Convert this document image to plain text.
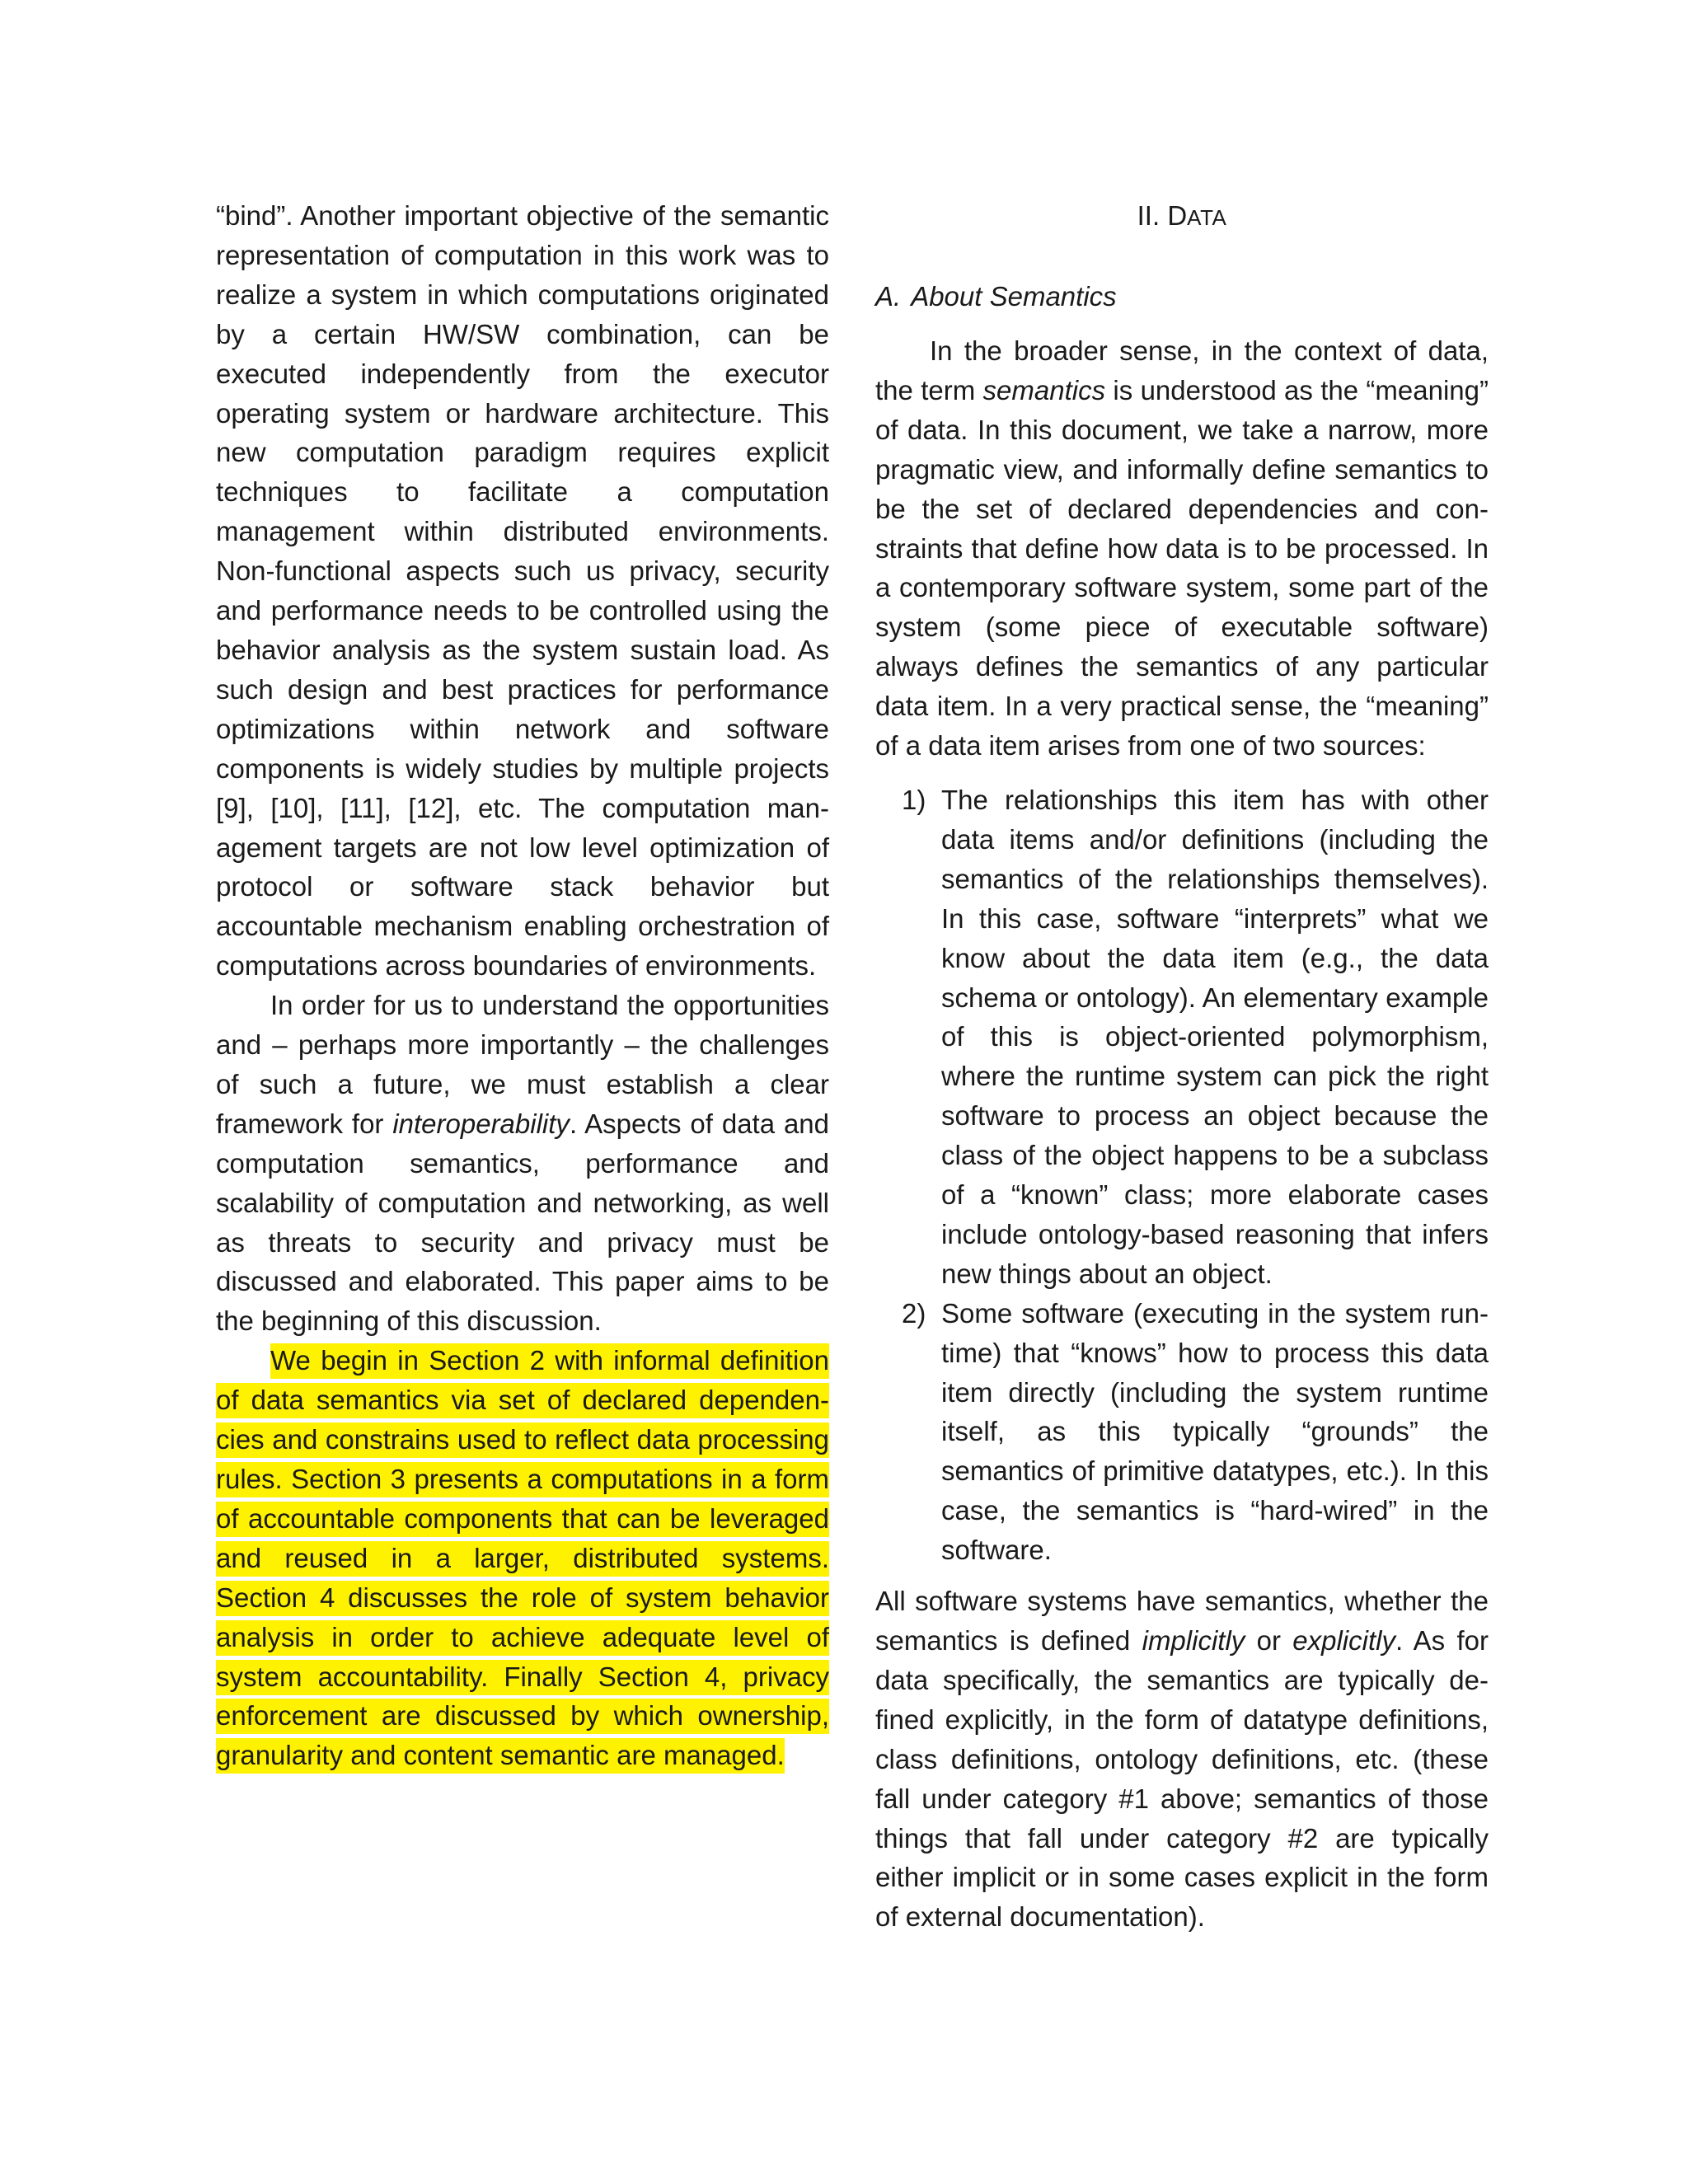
“bind”. Another important objective of the semantic representation of computation in this work was to realize a system in which computations originated by a certain HW/SW combination, can be executed independently from the executor operating system or hardware architecture. This new computation paradigm requires explicit techniques to facilitate a computation management within distributed environments. Non-functional aspects such us privacy, security and performance needs to be controlled using the behavior analysis as the system sustain load. As such design and best practices for performance optimizations within network and software components is widely studies by multiple projects [9], [10], [11], [12], etc. The computation management targets are not low level optimization of protocol or software stack behavior but accountable mechanism enabling orchestration of computations across boundaries of environments.

In order for us to understand the opportunities and – perhaps more importantly – the challenges of such a future, we must establish a clear framework for interoperability. Aspects of data and computation semantics, performance and scalability of computation and networking, as well as threats to security and privacy must be discussed and elaborated. This paper aims to be the beginning of this discussion.

We begin in Section 2 with informal definition of data semantics via set of declared dependencies and constrains used to reflect data processing rules. Section 3 presents a computations in a form of accountable components that can be leveraged and reused in a larger, distributed systems. Section 4 discusses the role of system behavior analysis in order to achieve adequate level of system accountability. Finally Section 4, privacy enforcement are discussed by which ownership, granularity and content semantic are managed.

II. DATA
A. About Semantics

In the broader sense, in the context of data, the term semantics is understood as the “meaning” of data. In this document, we take a narrow, more pragmatic view, and informally define semantics to be the set of declared dependencies and constraints that define how data is to be processed. In a contemporary software system, some part of the system (some piece of executable software) always defines the semantics of any particular data item. In a very practical sense, the “meaning” of a data item arises from one of two sources:

1) The relationships this item has with other data items and/or definitions (including the semantics of the relationships themselves). In this case, software “interprets” what we know about the data item (e.g., the data schema or ontology). An elementary example of this is object-oriented polymorphism, where the runtime system can pick the right software to process an object because the class of the object happens to be a subclass of a “known” class; more elaborate cases include ontology-based reasoning that infers new things about an object.
2) Some software (executing in the system runtime) that “knows” how to process this data item directly (including the system runtime itself, as this typically “grounds” the semantics of primitive datatypes, etc.). In this case, the semantics is “hard-wired” in the software.

All software systems have semantics, whether the semantics is defined implicitly or explicitly. As for data specifically, the semantics are typically defined explicitly, in the form of datatype definitions, class definitions, ontology definitions, etc. (these fall under category #1 above; semantics of those things that fall under category #2 are typically either implicit or in some cases explicit in the form of external documentation).
